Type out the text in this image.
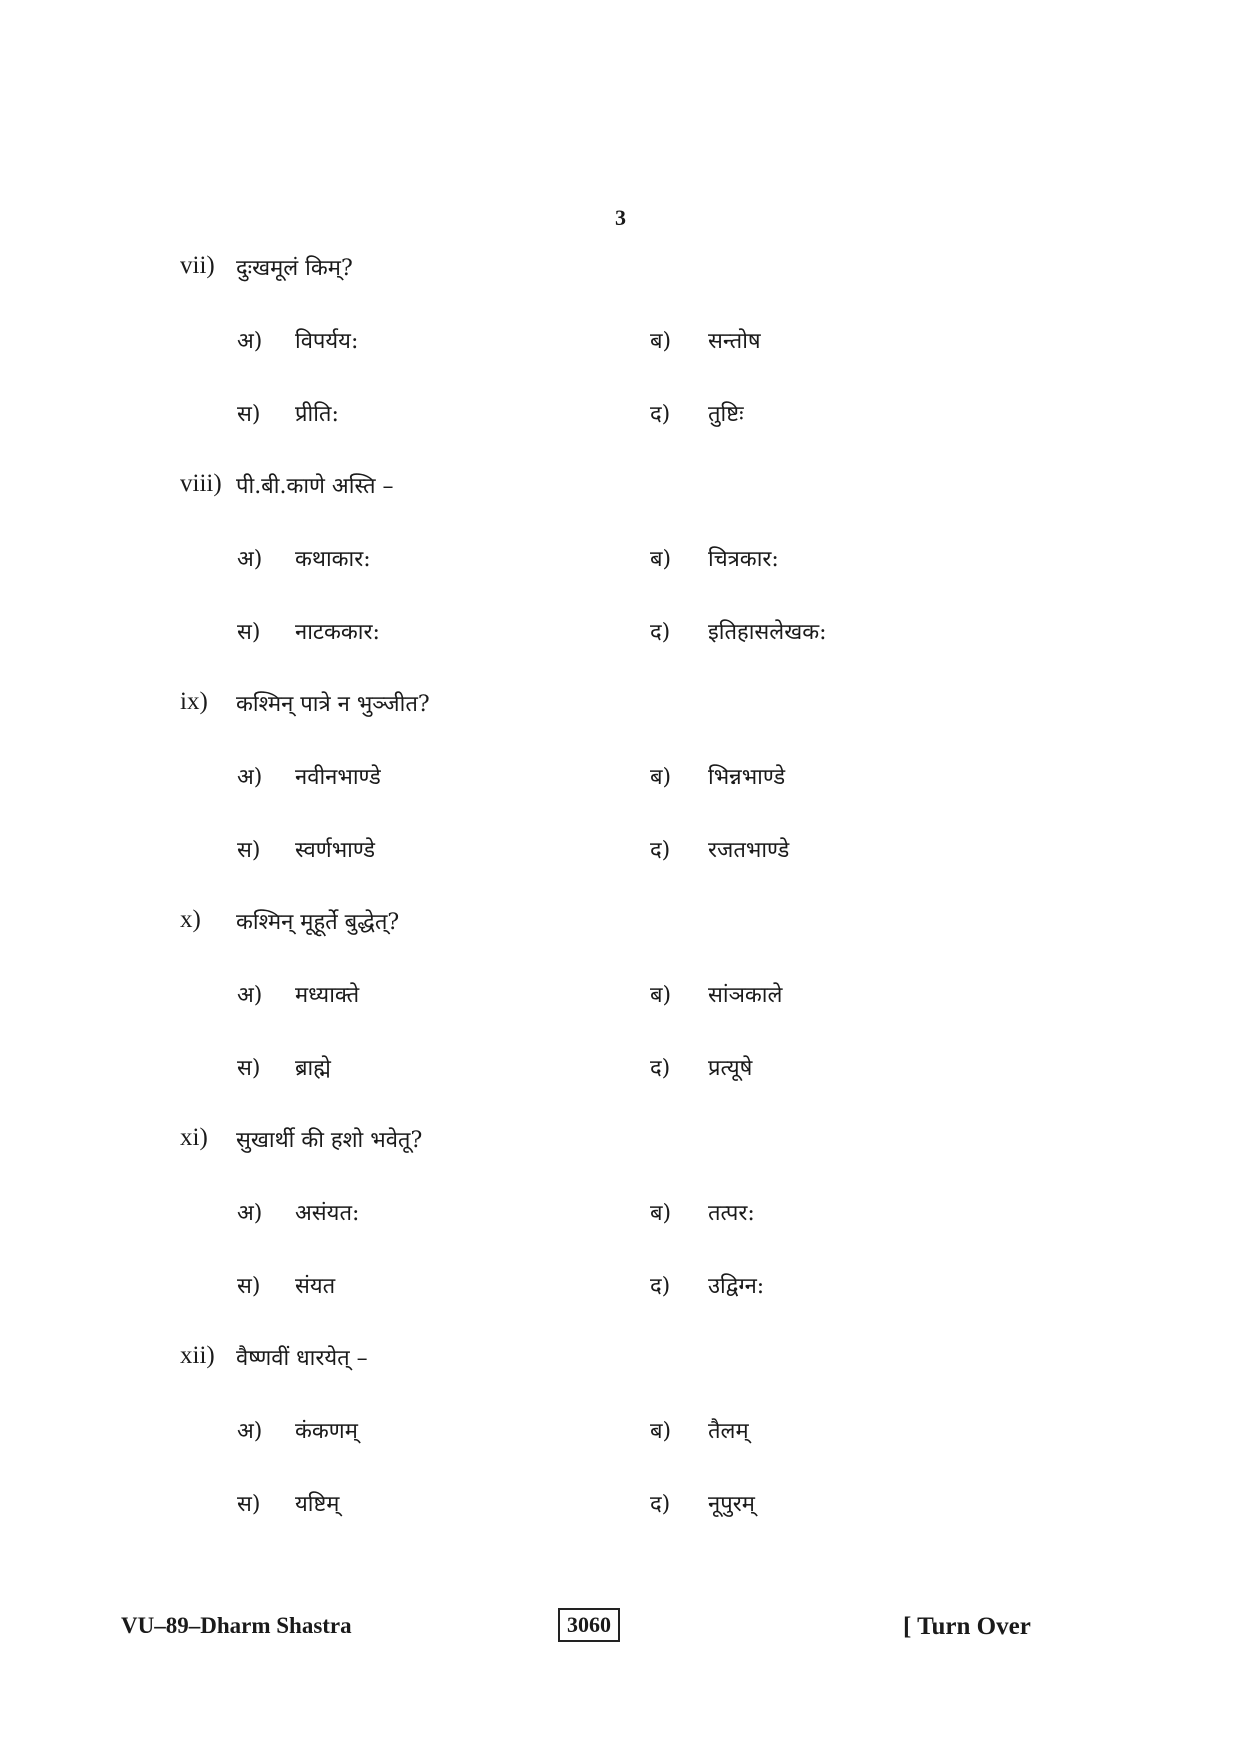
3
vii) दुःखमूलं किम्?
अ) विपर्यय:	ब) सन्तोष
स) प्रीति:	द) तुष्टिः
viii) पी.बी.काणे अस्ति –
अ) कथाकार:	ब) चित्रकार:
स) नाटककार:	द) इतिहासलेखक:
ix) कश्मिन् पात्रे न भुञ्जीत?
अ) नवीनभाण्डे	ब) भिन्नभाण्डे
स) स्वर्णभाण्डे	द) रजतभाण्डे
x) कश्मिन् मूहूर्ते बुद्धेत्?
अ) मध्याक्ते	ब) सांञकाले
स) ब्राह्मे	द) प्रत्यूषे
xi) सुखार्थी की हशो भवेतू?
अ) असंयत:	ब) तत्पर:
स) संयत	द) उद्विग्न:
xii) वैष्णवीं धारयेत् –
अ) कंकणम्	ब) तैलम्
स) यष्टिम्	द) नूपुरम्
VU–89–Dharm Shastra	3060	[ Turn Over
